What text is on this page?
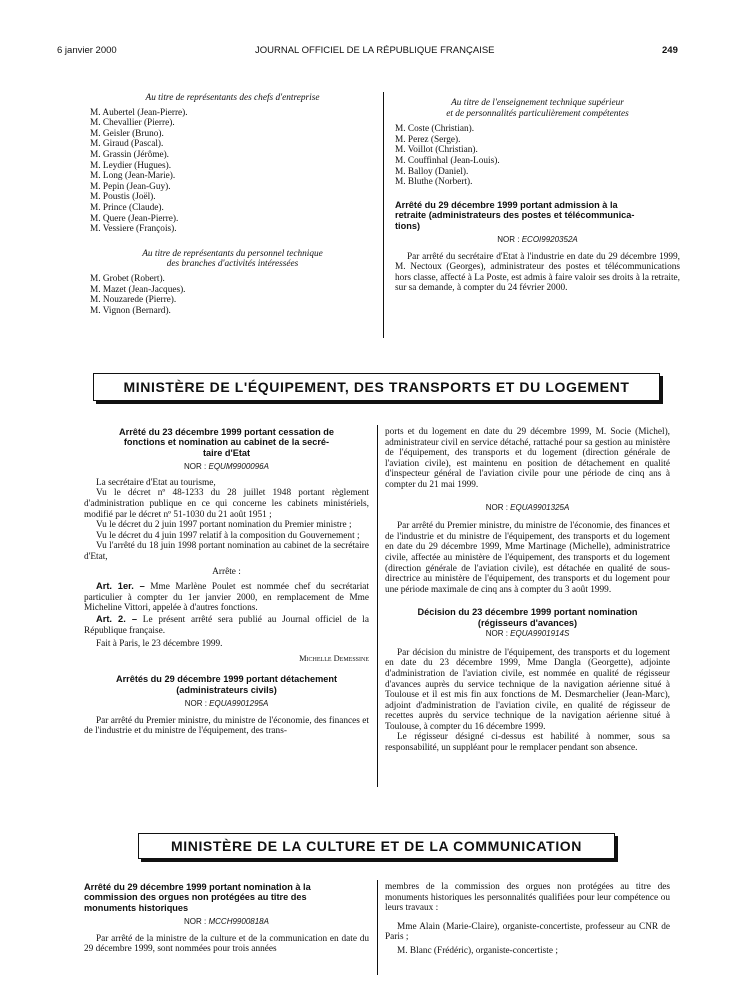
6 janvier 2000	JOURNAL OFFICIEL DE LA RÉPUBLIQUE FRANÇAISE	249
Au titre de représentants des chefs d'entreprise
M. Aubertel (Jean-Pierre).
M. Chevallier (Pierre).
M. Geisler (Bruno).
M. Giraud (Pascal).
M. Grassin (Jérôme).
M. Leydier (Hugues).
M. Long (Jean-Marie).
M. Pepin (Jean-Guy).
M. Poustis (Joël).
M. Prince (Claude).
M. Quere (Jean-Pierre).
M. Vessiere (François).
Au titre de représentants du personnel technique
des branches d'activités intéressées
M. Grobet (Robert).
M. Mazet (Jean-Jacques).
M. Nouzarede (Pierre).
M. Vignon (Bernard).
Au titre de l'enseignement technique supérieur
et de personnalités particulièrement compétentes
M. Coste (Christian).
M. Perez (Serge).
M. Voillot (Christian).
M. Couffinhal (Jean-Louis).
M. Balloy (Daniel).
M. Bluthe (Norbert).
Arrêté du 29 décembre 1999 portant admission à la
retraite (administrateurs des postes et télécommunica-
tions)
NOR : ECOI9920352A

Par arrêté du secrétaire d'Etat à l'industrie en date du 29 décembre 1999, M. Nectoux (Georges), administrateur des postes et télécommunications hors classe, affecté à La Poste, est admis à faire valoir ses droits à la retraite, sur sa demande, à compter du 24 février 2000.

MINISTÈRE DE L'ÉQUIPEMENT, DES TRANSPORTS ET DU LOGEMENT
Arrêté du 23 décembre 1999 portant cessation de
fonctions et nomination au cabinet de la secré-
taire d'Etat
NOR : EQUM9900096A

La secrétaire d'Etat au tourisme,

Vu le décret nº 48-1233 du 28 juillet 1948 portant règlement d'administration publique en ce qui concerne les cabinets ministériels, modifié par le décret nº 51-1030 du 21 août 1951 ;

Vu le décret du 2 juin 1997 portant nomination du Premier ministre ;

Vu le décret du 4 juin 1997 relatif à la composition du Gouvernement ;

Vu l'arrêté du 18 juin 1998 portant nomination au cabinet de la secrétaire d'Etat,

Arrête :

Art. 1er. – Mme Marlène Poulet est nommée chef du secrétariat particulier à compter du 1er janvier 2000, en remplacement de Mme Micheline Vittori, appelée à d'autres fonctions.

Art. 2. – Le présent arrêté sera publié au Journal officiel de la République française.

Fait à Paris, le 23 décembre 1999.

Michelle Demessine
Arrêtés du 29 décembre 1999 portant détachement
(administrateurs civils)
NOR : EQUA9901295A

Par arrêté du Premier ministre, du ministre de l'économie, des finances et de l'industrie et du ministre de l'équipement, des trans-

ports et du logement en date du 29 décembre 1999, M. Socie (Michel), administrateur civil en service détaché, rattaché pour sa gestion au ministère de l'équipement, des transports et du logement (direction générale de l'aviation civile), est maintenu en position de détachement en qualité d'inspecteur général de l'aviation civile pour une période de cinq ans à compter du 21 mai 1999.

NOR : EQUA9901325A

Par arrêté du Premier ministre, du ministre de l'économie, des finances et de l'industrie et du ministre de l'équipement, des transports et du logement en date du 29 décembre 1999, Mme Martinage (Michelle), administratrice civile, affectée au ministère de l'équipement, des transports et du logement (direction générale de l'aviation civile), est détachée en qualité de sous-directrice au ministère de l'équipement, des transports et du logement pour une période maximale de cinq ans à compter du 3 août 1999.

Décision du 23 décembre 1999 portant nomination
(régisseurs d'avances)
NOR : EQUA9901914S

Par décision du ministre de l'équipement, des transports et du logement en date du 23 décembre 1999, Mme Dangla (Georgette), adjointe d'administration de l'aviation civile, est nommée en qualité de régisseur d'avances auprès du service technique de la navigation aérienne situé à Toulouse et il est mis fin aux fonctions de M. Desmarchelier (Jean-Marc), adjoint d'administration de l'aviation civile, en qualité de régisseur de recettes auprès du service technique de la navigation aérienne situé à Toulouse, à compter du 16 décembre 1999.

Le régisseur désigné ci-dessus est habilité à nommer, sous sa responsabilité, un suppléant pour le remplacer pendant son absence.

MINISTÈRE DE LA CULTURE ET DE LA COMMUNICATION
Arrêté du 29 décembre 1999 portant nomination à la
commission des orgues non protégées au titre des
monuments historiques
NOR : MCCH9900818A

Par arrêté de la ministre de la culture et de la communication en date du 29 décembre 1999, sont nommées pour trois années

membres de la commission des orgues non protégées au titre des monuments historiques les personnalités qualifiées pour leur compétence ou leurs travaux :

Mme Alain (Marie-Claire), organiste-concertiste, professeur au CNR de Paris ;

M. Blanc (Frédéric), organiste-concertiste ;
